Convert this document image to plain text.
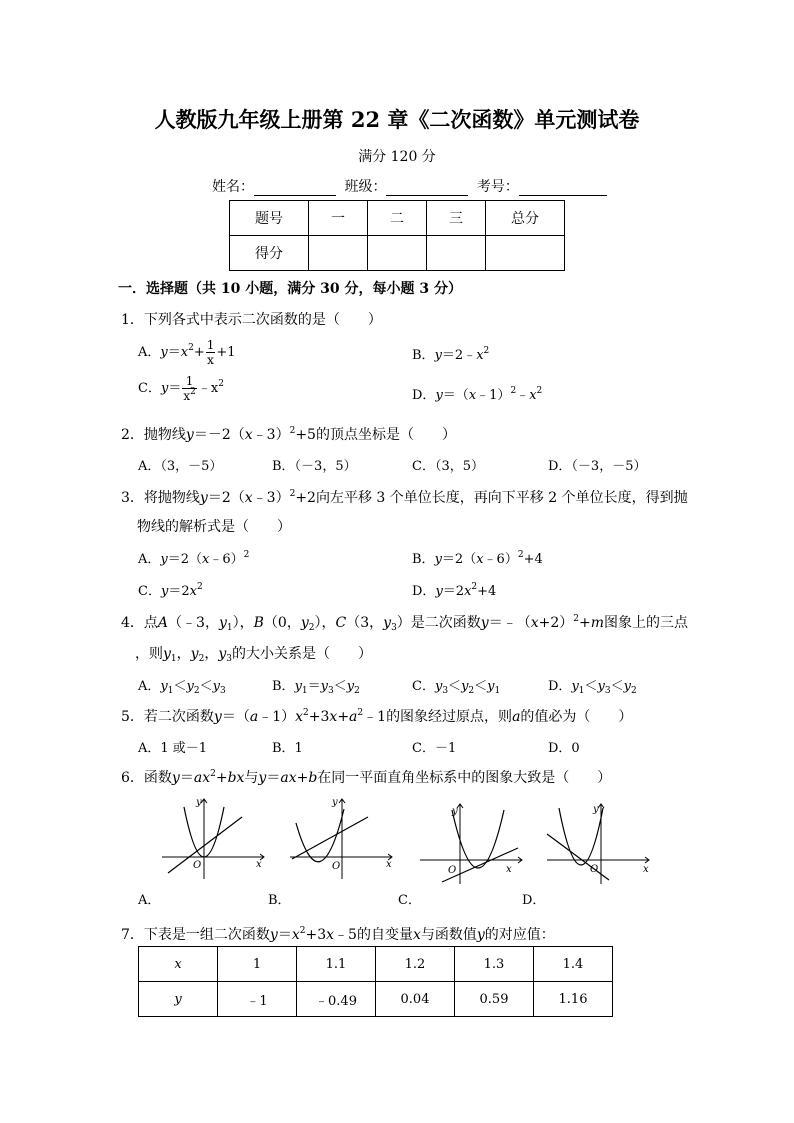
人教版九年级上册第 22 章《二次函数》单元测试卷
满分 120 分
姓名：	班级：	考号：
题号	一	二	三	总分
得分				
一．选择题（共 10 小题，满分 30 分，每小题 3 分）
1．下列各式中表示二次函数的是（　　）
A．$y=x^2+ \frac{1}{x} +1$	B．$y=2﹣x^2$
C．$y= \frac{1}{x^2}$ $﹣x^2$
D．$y=(x﹣1)^2﹣x^2$
2．抛物线y＝－2（x﹣3）$^2$+5的顶点坐标是（　　）
A．（3，－5）	B．（－3，5）	C．（3，5）	D．（－3，－5）
3．将抛物线y＝2（x﹣3）$^2$+2向左平移 3 个单位长度，再向下平移 2 个单位长度，得到抛
物线的解析式是（　　）
A．y＝2（x﹣6）$^2$	B．y＝2（x﹣6）$^2$+4
C．$y=2x^2$	D．$y=2x^2+4$
4．点A（﹣3，$y_1$），B（0，$y_2$），C（3，$y_3$）是二次函数$y=﹣(x+2)^2+m$图象上的三点
，则$y_1$，$y_2$，$y_3$的大小关系是（　　）
A．$y_1<y_2<y_3$	B．$y_1=y_3<y_2$	C．$y_3<y_2<y_1$	D．$y_1<y_3<y_2$
5．若二次函数$y=(a﹣1)x^2+3x+a^2﹣1$的图象经过原点，则a的值必为（　　）
A．1 或－1	B．1	C．－1	D．0
6．函数$y=ax^2+bx$与y＝ax+b在同一平面直角坐标系中的图象大致是（　　）
x
y
O	x
y
O	x
y
O	x
y
O
A．	B．	C．	D．
7．下表是一组二次函数$y=x^2+3x﹣5$的自变量x与函数值y的对应值：
x	1	1.1	1.2	1.3	1.4
y	﹣1	﹣0.49	0.04	0.59	1.16
